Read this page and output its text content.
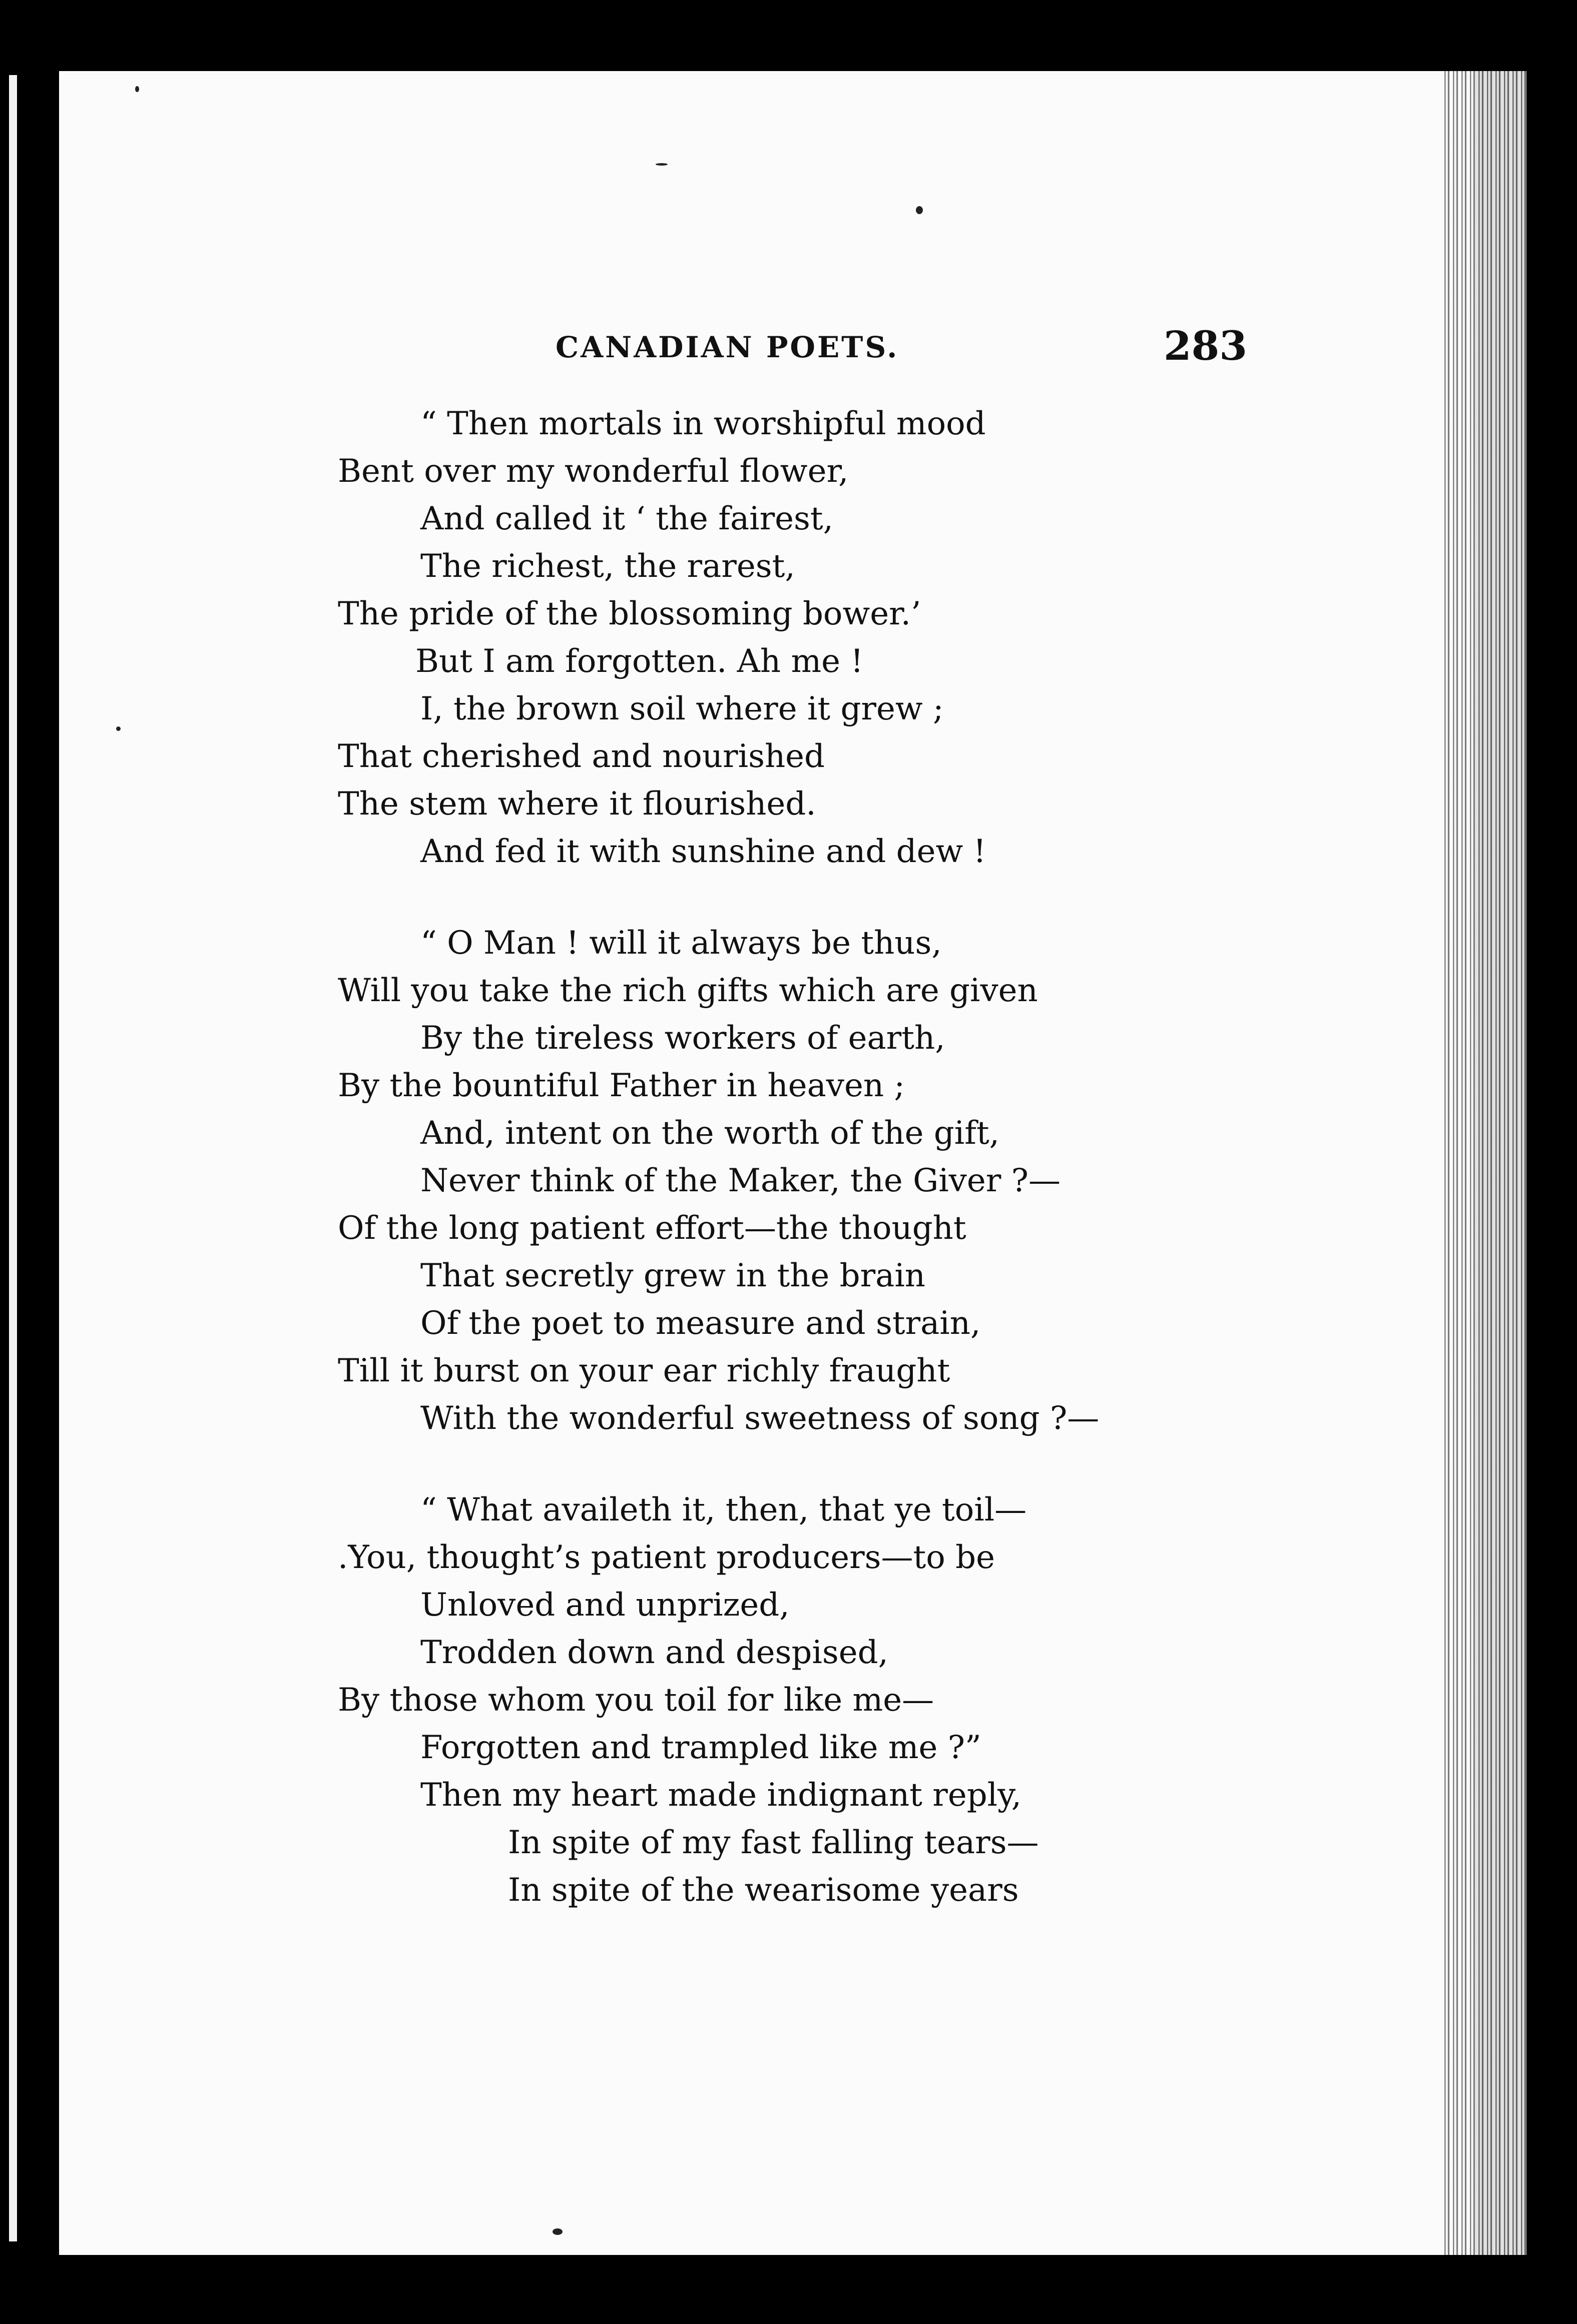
CANADIAN POETS.	283
“ Then mortals in worshipful mood
Bent over my wonderful flower,
And called it ‘ the fairest,
The richest, the rarest,
The pride of the blossoming bower.’
But I am forgotten. Ah me !
I, the brown soil where it grew ;
That cherished and nourished
The stem where it flourished.
And fed it with sunshine and dew !
“ O Man ! will it always be thus,
Will you take the rich gifts which are given
By the tireless workers of earth,
By the bountiful Father in heaven ;
And, intent on the worth of the gift,
Never think of the Maker, the Giver ?—
Of the long patient effort—the thought
That secretly grew in the brain
Of the poet to measure and strain,
Till it burst on your ear richly fraught
With the wonderful sweetness of song ?—
“ What availeth it, then, that ye toil—
.You, thought’s patient producers—to be
Unloved and unprized,
Trodden down and despised,
By those whom you toil for like me—
Forgotten and trampled like me ?”
Then my heart made indignant reply,
In spite of my fast falling tears—
In spite of the wearisome years
